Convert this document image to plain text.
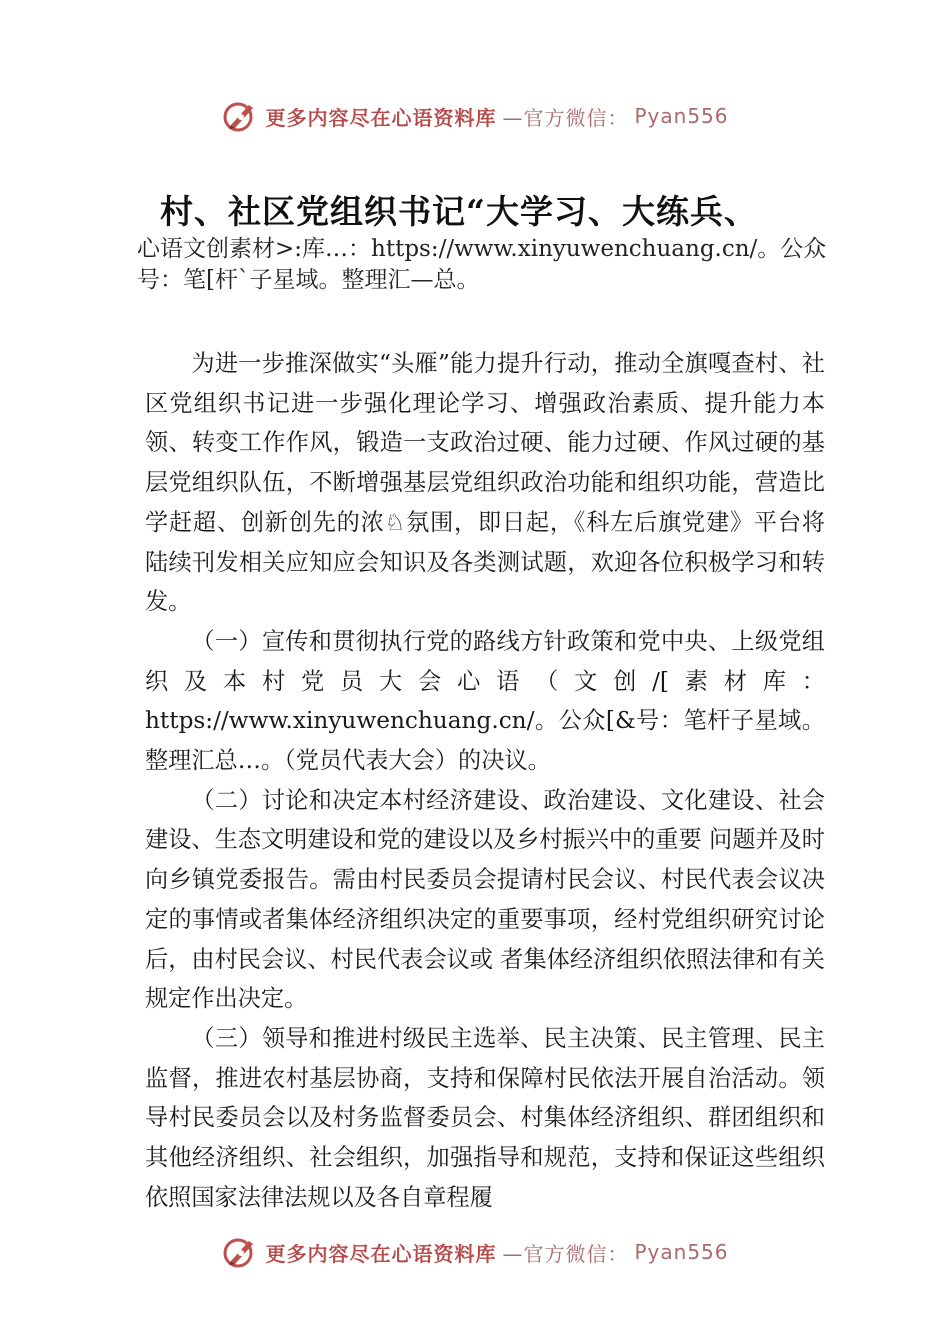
更多内容尽在心语资料库 —官方微信： Pyan556
村、社区党组织书记“大学习、大练兵、
心语文创素材>:库…：https://www.xinyuwenchuang.cn/。公众号：笔[杆`子星域。整理汇—总。

为进一步推深做实“头雁”能力提升行动，推动全旗嘎查村、社区党组织书记进一步强化理论学习、增强政治素质、提升能力本领、转变工作作风，锻造一支政治过硬、能力过硬、作风过硬的基层党组织队伍，不断增强基层党组织政治功能和组织功能，营造比学赶超、创新创先的浓♘氛围，即日起，《科左后旗党建》平台将陆续刊发相关应知应会知识及各类测试题，欢迎各位积极学习和转发。

（一）宣传和贯彻执行党的路线方针政策和党中央、上级党组织及本村党员大会心语（文创/[素材库：https://www.xinyuwenchuang.cn/。公众[&号：笔杆子星域。整理汇总…。（党员代表大会）的决议。

（二）讨论和决定本村经济建设、政治建设、文化建设、社会建设、生态文明建设和党的建设以及乡村振兴中的重要 问题并及时向乡镇党委报告。需由村民委员会提请村民会议、村民代表会议决定的事情或者集体经济组织决定的重要事项，经村党组织研究讨论后，由村民会议、村民代表会议或 者集体经济组织依照法律和有关规定作出决定。

（三）领导和推进村级民主选举、民主决策、民主管理、民主监督，推进农村基层协商，支持和保障村民依法开展自治活动。领导村民委员会以及村务监督委员会、村集体经济组织、群团组织和其他经济组织、社会组织，加强指导和规范，支持和保证这些组织依照国家法律法规以及各自章程履

更多内容尽在心语资料库 —官方微信： Pyan556
